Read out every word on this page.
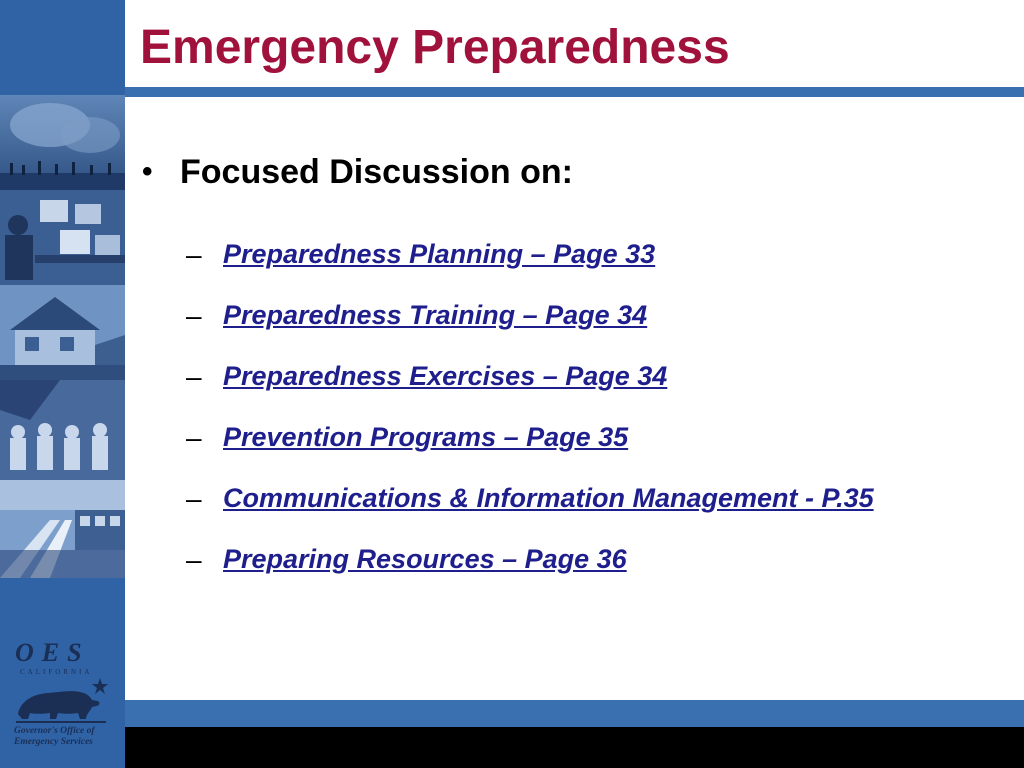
Emergency Preparedness
• Focused Discussion on:
– Preparedness Planning – Page 33
– Preparedness Training – Page 34
– Preparedness Exercises – Page 34
– Prevention Programs – Page 35
– Communications & Information Management - P.35
– Preparing Resources – Page 36
OES
CALIFORNIA
Governor's Office of
Emergency Services
